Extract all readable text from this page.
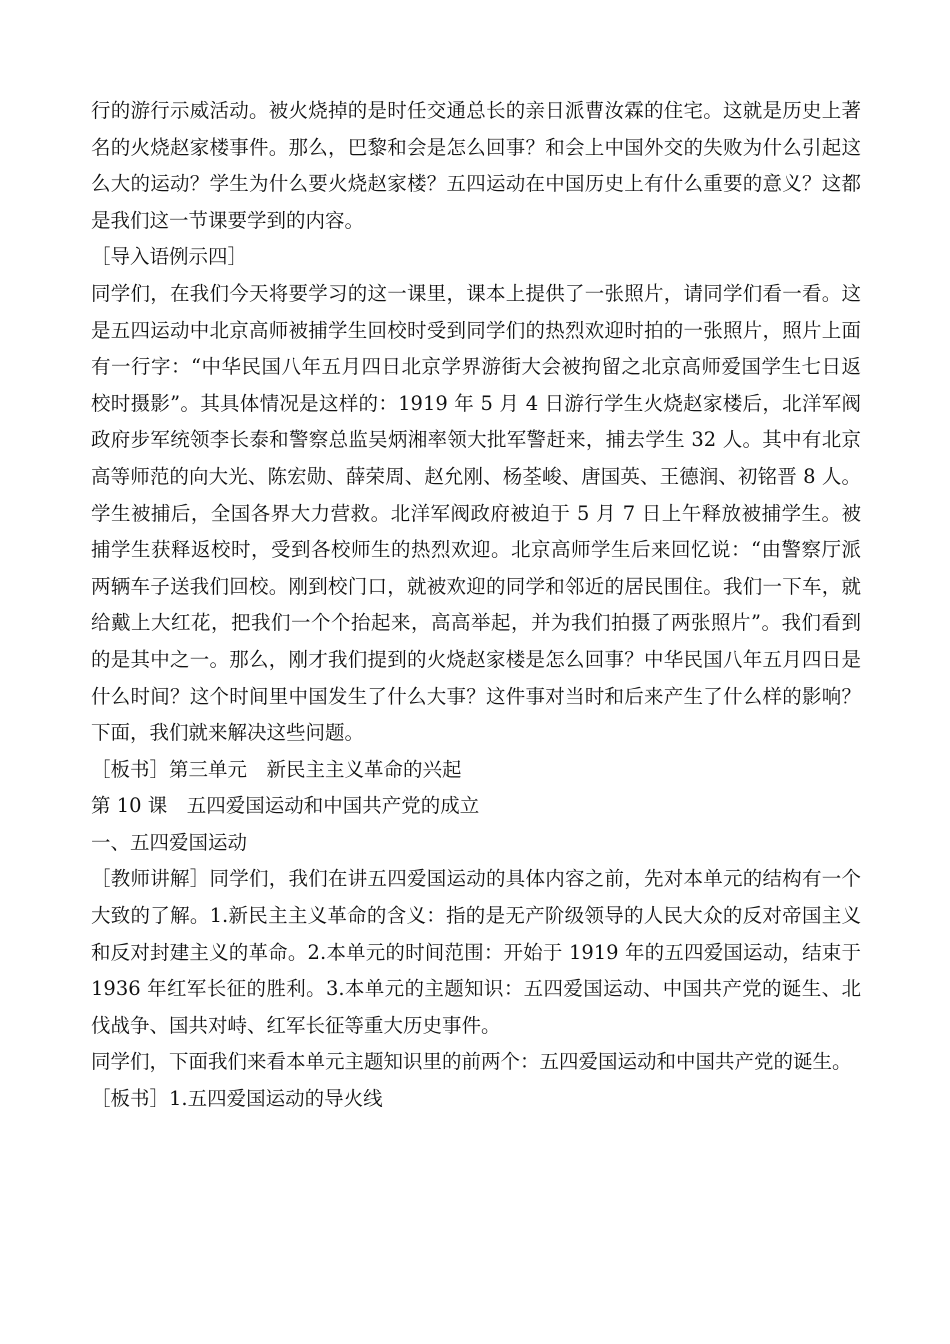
行的游行示威活动。被火烧掉的是时任交通总长的亲日派曹汝霖的住宅。这就是历史上著名的火烧赵家楼事件。那么，巴黎和会是怎么回事？和会上中国外交的失败为什么引起这么大的运动？学生为什么要火烧赵家楼？五四运动在中国历史上有什么重要的意义？这都是我们这一节课要学到的内容。

［导入语例示四］

同学们，在我们今天将要学习的这一课里，课本上提供了一张照片，请同学们看一看。这是五四运动中北京高师被捕学生回校时受到同学们的热烈欢迎时拍的一张照片，照片上面有一行字：“中华民国八年五月四日北京学界游街大会被拘留之北京高师爱国学生七日返校时摄影”。其具体情况是这样的：1919 年 5 月 4 日游行学生火烧赵家楼后，北洋军阀政府步军统领李长泰和警察总监吴炳湘率领大批军警赶来，捕去学生 32 人。其中有北京高等师范的向大光、陈宏勋、薛荣周、赵允刚、杨荃峻、唐国英、王德润、初铭晋 8 人。学生被捕后，全国各界大力营救。北洋军阀政府被迫于 5 月 7 日上午释放被捕学生。被捕学生获释返校时，受到各校师生的热烈欢迎。北京高师学生后来回忆说：“由警察厅派两辆车子送我们回校。刚到校门口，就被欢迎的同学和邻近的居民围住。我们一下车，就给戴上大红花，把我们一个个抬起来，高高举起，并为我们拍摄了两张照片”。我们看到的是其中之一。那么，刚才我们提到的火烧赵家楼是怎么回事？中华民国八年五月四日是什么时间？这个时间里中国发生了什么大事？这件事对当时和后来产生了什么样的影响？下面，我们就来解决这些问题。

［板书］第三单元　新民主主义革命的兴起

第 10 课　五四爱国运动和中国共产党的成立

一、五四爱国运动

［教师讲解］同学们，我们在讲五四爱国运动的具体内容之前，先对本单元的结构有一个大致的了解。1.新民主主义革命的含义：指的是无产阶级领导的人民大众的反对帝国主义和反对封建主义的革命。2.本单元的时间范围：开始于 1919 年的五四爱国运动，结束于 1936 年红军长征的胜利。3.本单元的主题知识：五四爱国运动、中国共产党的诞生、北伐战争、国共对峙、红军长征等重大历史事件。

同学们，下面我们来看本单元主题知识里的前两个：五四爱国运动和中国共产党的诞生。

［板书］1.五四爱国运动的导火线
